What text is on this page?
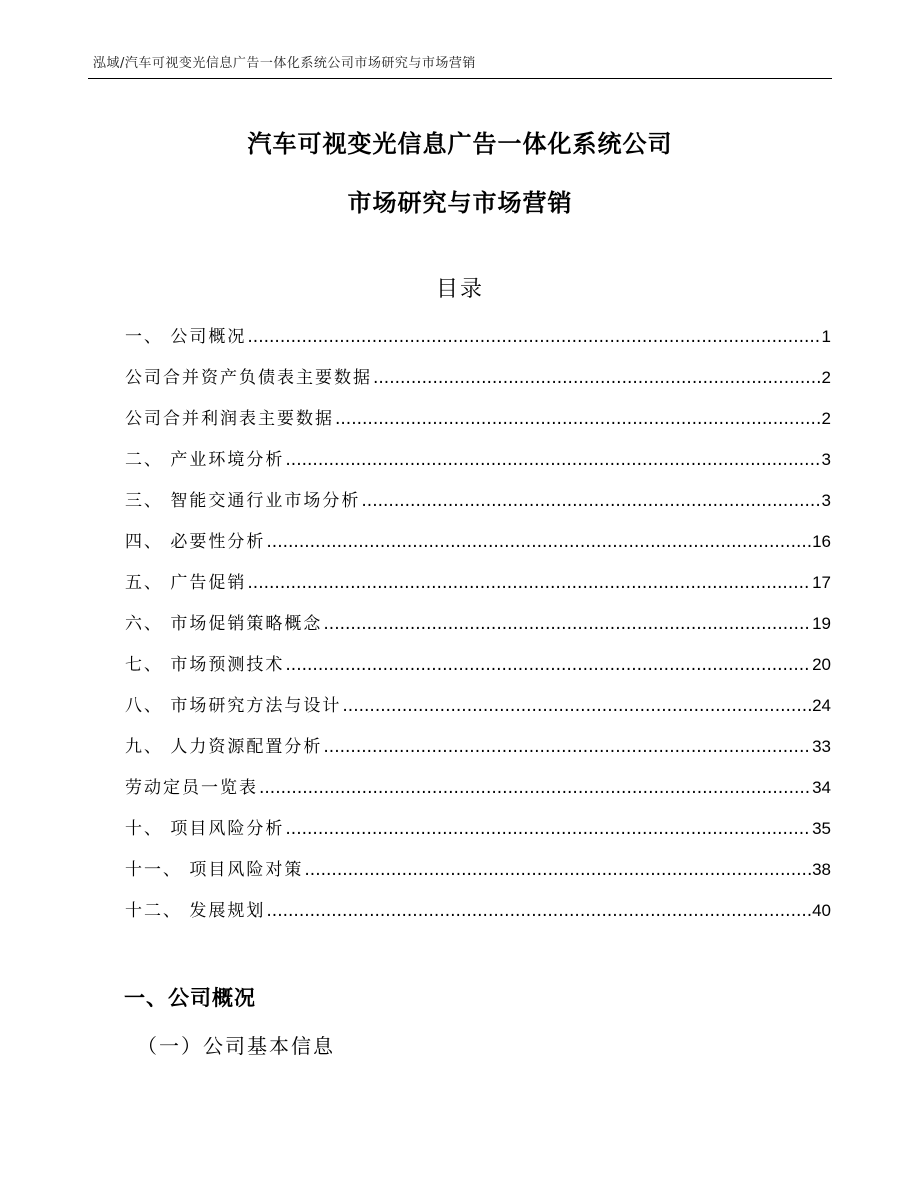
泓域/汽车可视变光信息广告一体化系统公司市场研究与市场营销
汽车可视变光信息广告一体化系统公司
市场研究与市场营销
目录
一、 公司概况 .....	1
公司合并资产负债表主要数据 .....	2
公司合并利润表主要数据 .....	2
二、 产业环境分析 .....	3
三、 智能交通行业市场分析 .....	3
四、 必要性分析 .....	16
五、 广告促销 .....	17
六、 市场促销策略概念 .....	19
七、 市场预测技术 .....	20
八、 市场研究方法与设计 .....	24
九、 人力资源配置分析 .....	33
劳动定员一览表 .....	34
十、 项目风险分析 .....	35
十一、 项目风险对策 .....	38
十二、 发展规划 .....	40
一、公司概况
（一）公司基本信息
